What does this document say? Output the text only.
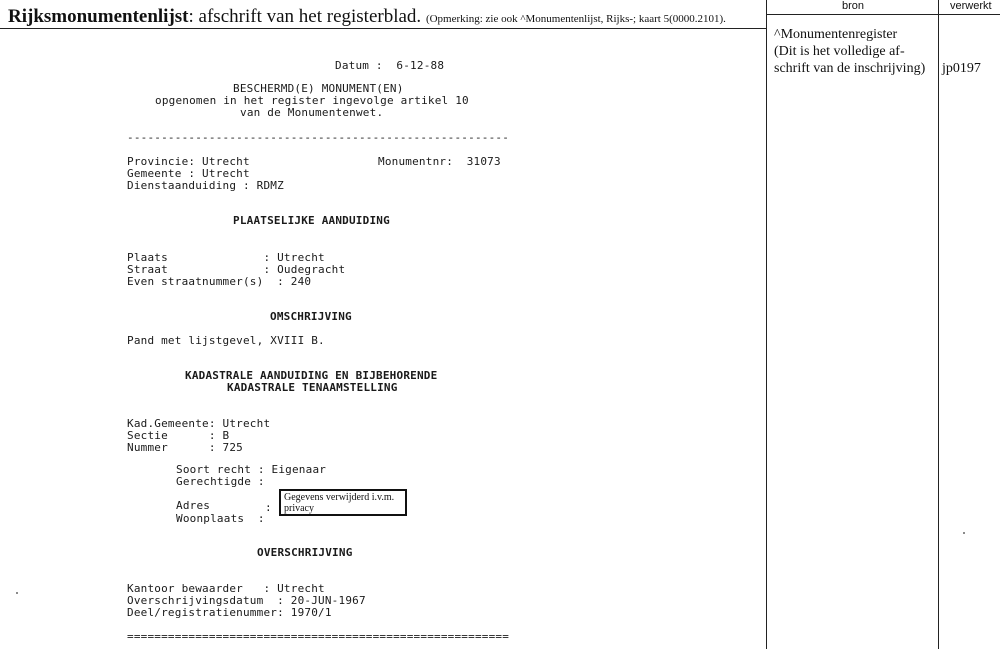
Rijksmonumentenlijst: afschrift van het registerblad. (Opmerking: zie ook ^Monumentenlijst, Rijks-; kaart 5(0000.2101).
bron	verwerkt
^Monumentenregister
(Dit is het volledige af-
schrift van de inschrijving) jp0197
Datum :  6-12-88
BESCHERMD(E) MONUMENT(EN)
opgenomen in het register ingevolge artikel 10
van de Monumentenwet.
--------------------------------------------------------
Provincie: Utrecht	Monumentnr:  31073
Gemeente : Utrecht
Dienstaanduiding : RDMZ
PLAATSELIJKE AANDUIDING
Plaats              : Utrecht
Straat              : Oudegracht
Even straatnummer(s)  : 240
OMSCHRIJVING
Pand met lijstgevel, XVIII B.
KADASTRALE AANDUIDING EN BIJBEHORENDE
KADASTRALE TENAAMSTELLING
Kad.Gemeente: Utrecht
Sectie      : B
Nummer      : 725
Soort recht : Eigenaar
Gerechtigde :
Adres	:
Woonplaats  :
Gegevens verwijderd i.v.m. privacy
OVERSCHRIJVING
Kantoor bewaarder   : Utrecht
Overschrijvingsdatum  : 20-JUN-1967
Deel/registratienummer: 1970/1
========================================================
